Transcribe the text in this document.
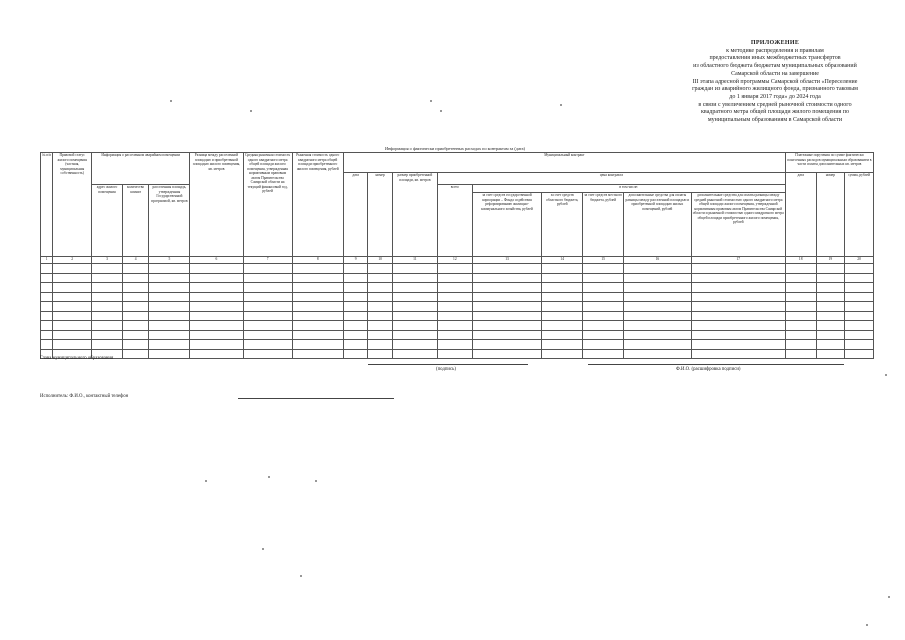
ПРИЛОЖЕНИЕ
к методике распределения и правилам
предоставления иных межбюджетных трансфертов
из областного бюджета бюджетам муниципальных образований
Самарской области на завершение
III этапа адресной программы Самарской области «Переселение
граждан из аварийного жилищного фонда, признанного таковым
до 1 января 2017 года» до 2024 года
в связи с увеличением средней рыночной стоимости одного
квадратного метра общей площади жилого помещения по
муниципальным образованиям в Самарской области
Информация о фактически приобретенных расходах по контрактам за (дата)
№ п/п	Правовой статус жилого помещения (частная, муниципальная собственность)	Информация о расселенном аварийном помещении			Разница между расселенной площадью и приобретенной площадью жилого помещения, кв. метров	Средняя рыночная стоимость одного квадратного метра общей площади жилого помещения, утвержденная нормативным правовым актом Правительства Самарской области на текущий финансовый год, рублей	Рыночная стоимость одного квадратного метра общей площади приобретенного жилого помещения, рублей	Муниципальный контракт									Платежные поручения по сумме фактически понесенных расходов муниципальным образованием в части оплаты дополнительных кв. метров		
								дата	номер	размер приобретенной площади, кв. метров	цена контракта						дата	номер	сумма, рублей
		адрес жилого помещения	количество комнат	расселенная площадь, утвержденная Государственной программой, кв. метров							всего	в том числе:							
												за счет средств государственной корпорации – Фонда содействия реформированию жилищно-коммунального хозяйства, рублей	за счет средств областного бюджета, рублей	за счет средств местного бюджета, рублей	дополнительные средства для оплаты разницы между расселенной площадью и приобретенной площадью жилых помещений, рублей	дополнительные средства для оплаты разницы между средней рыночной стоимостью одного квадратного метра общей площади жилого помещения, утвержденной нормативным правовым актом Правительства Самарской области и рыночной стоимостью одного квадратного метра общей площади приобретенного жилого помещения, рублей			
1	2	3	4	5	6	7	8	9	10	11	12	13	14	15	16	17	18	19	20

Глава муниципального образования
(подпись)	Ф.И.О. (расшифровка подписи)
Исполнитель: Ф.И.О., контактный телефон
